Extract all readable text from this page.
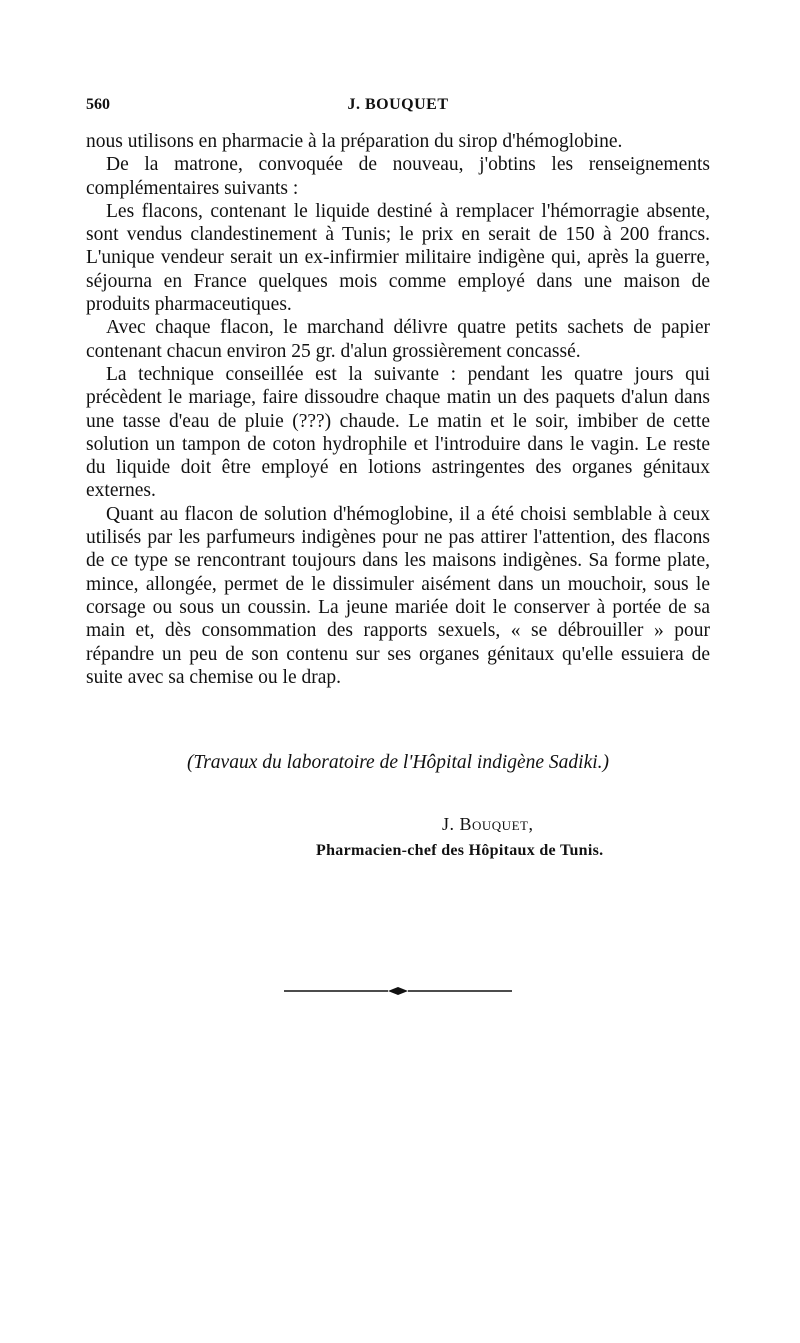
560	J. BOUQUET

nous utilisons en pharmacie à la préparation du sirop d'hémoglobine.

De la matrone, convoquée de nouveau, j'obtins les renseignements complémentaires suivants :

Les flacons, contenant le liquide destiné à remplacer l'hémorragie absente, sont vendus clandestinement à Tunis; le prix en serait de 150 à 200 francs. L'unique vendeur serait un ex-infirmier militaire indigène qui, après la guerre, séjourna en France quelques mois comme employé dans une maison de produits pharmaceutiques.

Avec chaque flacon, le marchand délivre quatre petits sachets de papier contenant chacun environ 25 gr. d'alun grossièrement concassé.

La technique conseillée est la suivante : pendant les quatre jours qui précèdent le mariage, faire dissoudre chaque matin un des paquets d'alun dans une tasse d'eau de pluie (???) chaude. Le matin et le soir, imbiber de cette solution un tampon de coton hydrophile et l'introduire dans le vagin. Le reste du liquide doit être employé en lotions astringentes des organes génitaux externes.

Quant au flacon de solution d'hémoglobine, il a été choisi semblable à ceux utilisés par les parfumeurs indigènes pour ne pas attirer l'attention, des flacons de ce type se rencontrant toujours dans les maisons indigènes. Sa forme plate, mince, allongée, permet de le dissimuler aisément dans un mouchoir, sous le corsage ou sous un coussin. La jeune mariée doit le conserver à portée de sa main et, dès consommation des rapports sexuels, « se débrouiller » pour répandre un peu de son contenu sur ses organes génitaux qu'elle essuiera de suite avec sa chemise ou le drap.

(Travaux du laboratoire de l'Hôpital indigène Sadiki.)
J. Bouquet,
Pharmacien-chef des Hôpitaux de Tunis.
